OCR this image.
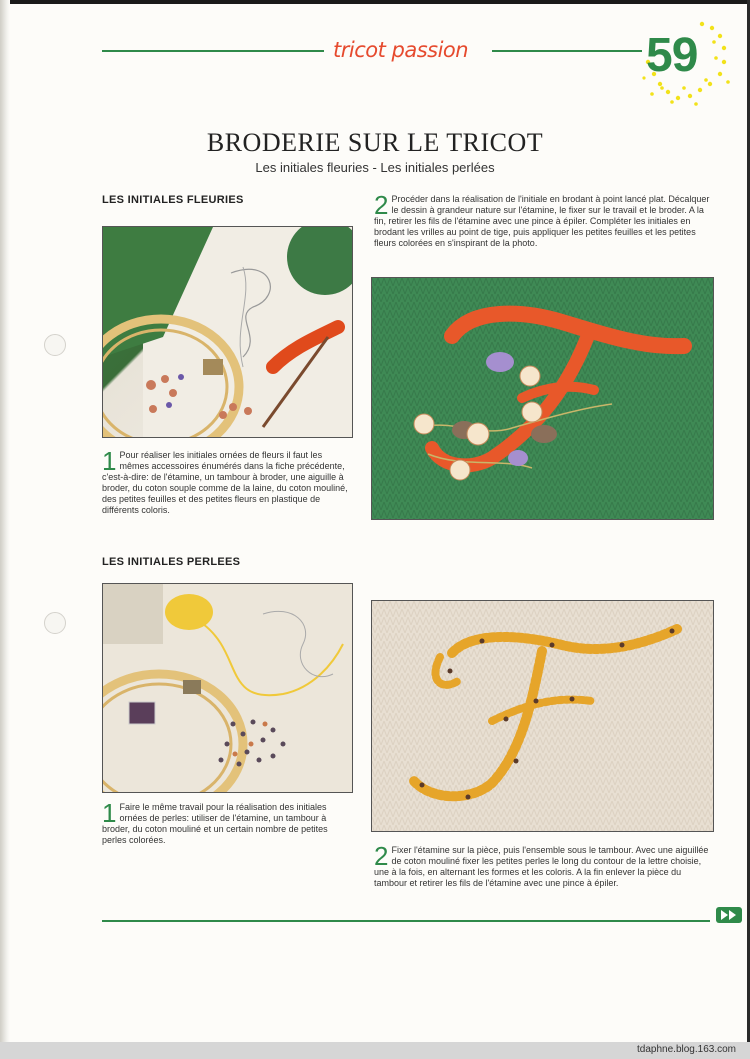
tricot passion	59
BRODERIE SUR LE TRICOT
Les initiales fleuries - Les initiales perlées
LES INITIALES FLEURIES
1 Pour réaliser les initiales ornées de fleurs il faut les mêmes accessoires énumérés dans la fiche précédente, c'est-à-dire: de l'étamine, un tambour à broder, une aiguille à broder, du coton souple comme de la laine, du coton mouliné, des petites feuilles et des petites fleurs en plastique de différents coloris.
2 Procéder dans la réalisation de l'initiale en brodant à point lancé plat. Décalquer le dessin à grandeur nature sur l'étamine, le fixer sur le travail et le broder. A la fin, retirer les fils de l'étamine avec une pince à épiler. Compléter les initiales en brodant les vrilles au point de tige, puis appliquer les petites feuilles et les petites fleurs colorées en s'inspirant de la photo.
LES INITIALES PERLEES
1 Faire le même travail pour la réalisation des initiales ornées de perles: utiliser de l'étamine, un tambour à broder, du coton mouliné et un certain nombre de petites perles colorées.
2 Fixer l'étamine sur la pièce, puis l'ensemble sous le tambour. Avec une aiguillée de coton mouliné fixer les petites perles le long du contour de la lettre choisie, une à la fois, en alternant les formes et les coloris. A la fin enlever la pièce du tambour et retirer les fils de l'étamine avec une pince à épiler.
tdaphne.blog.163.com
